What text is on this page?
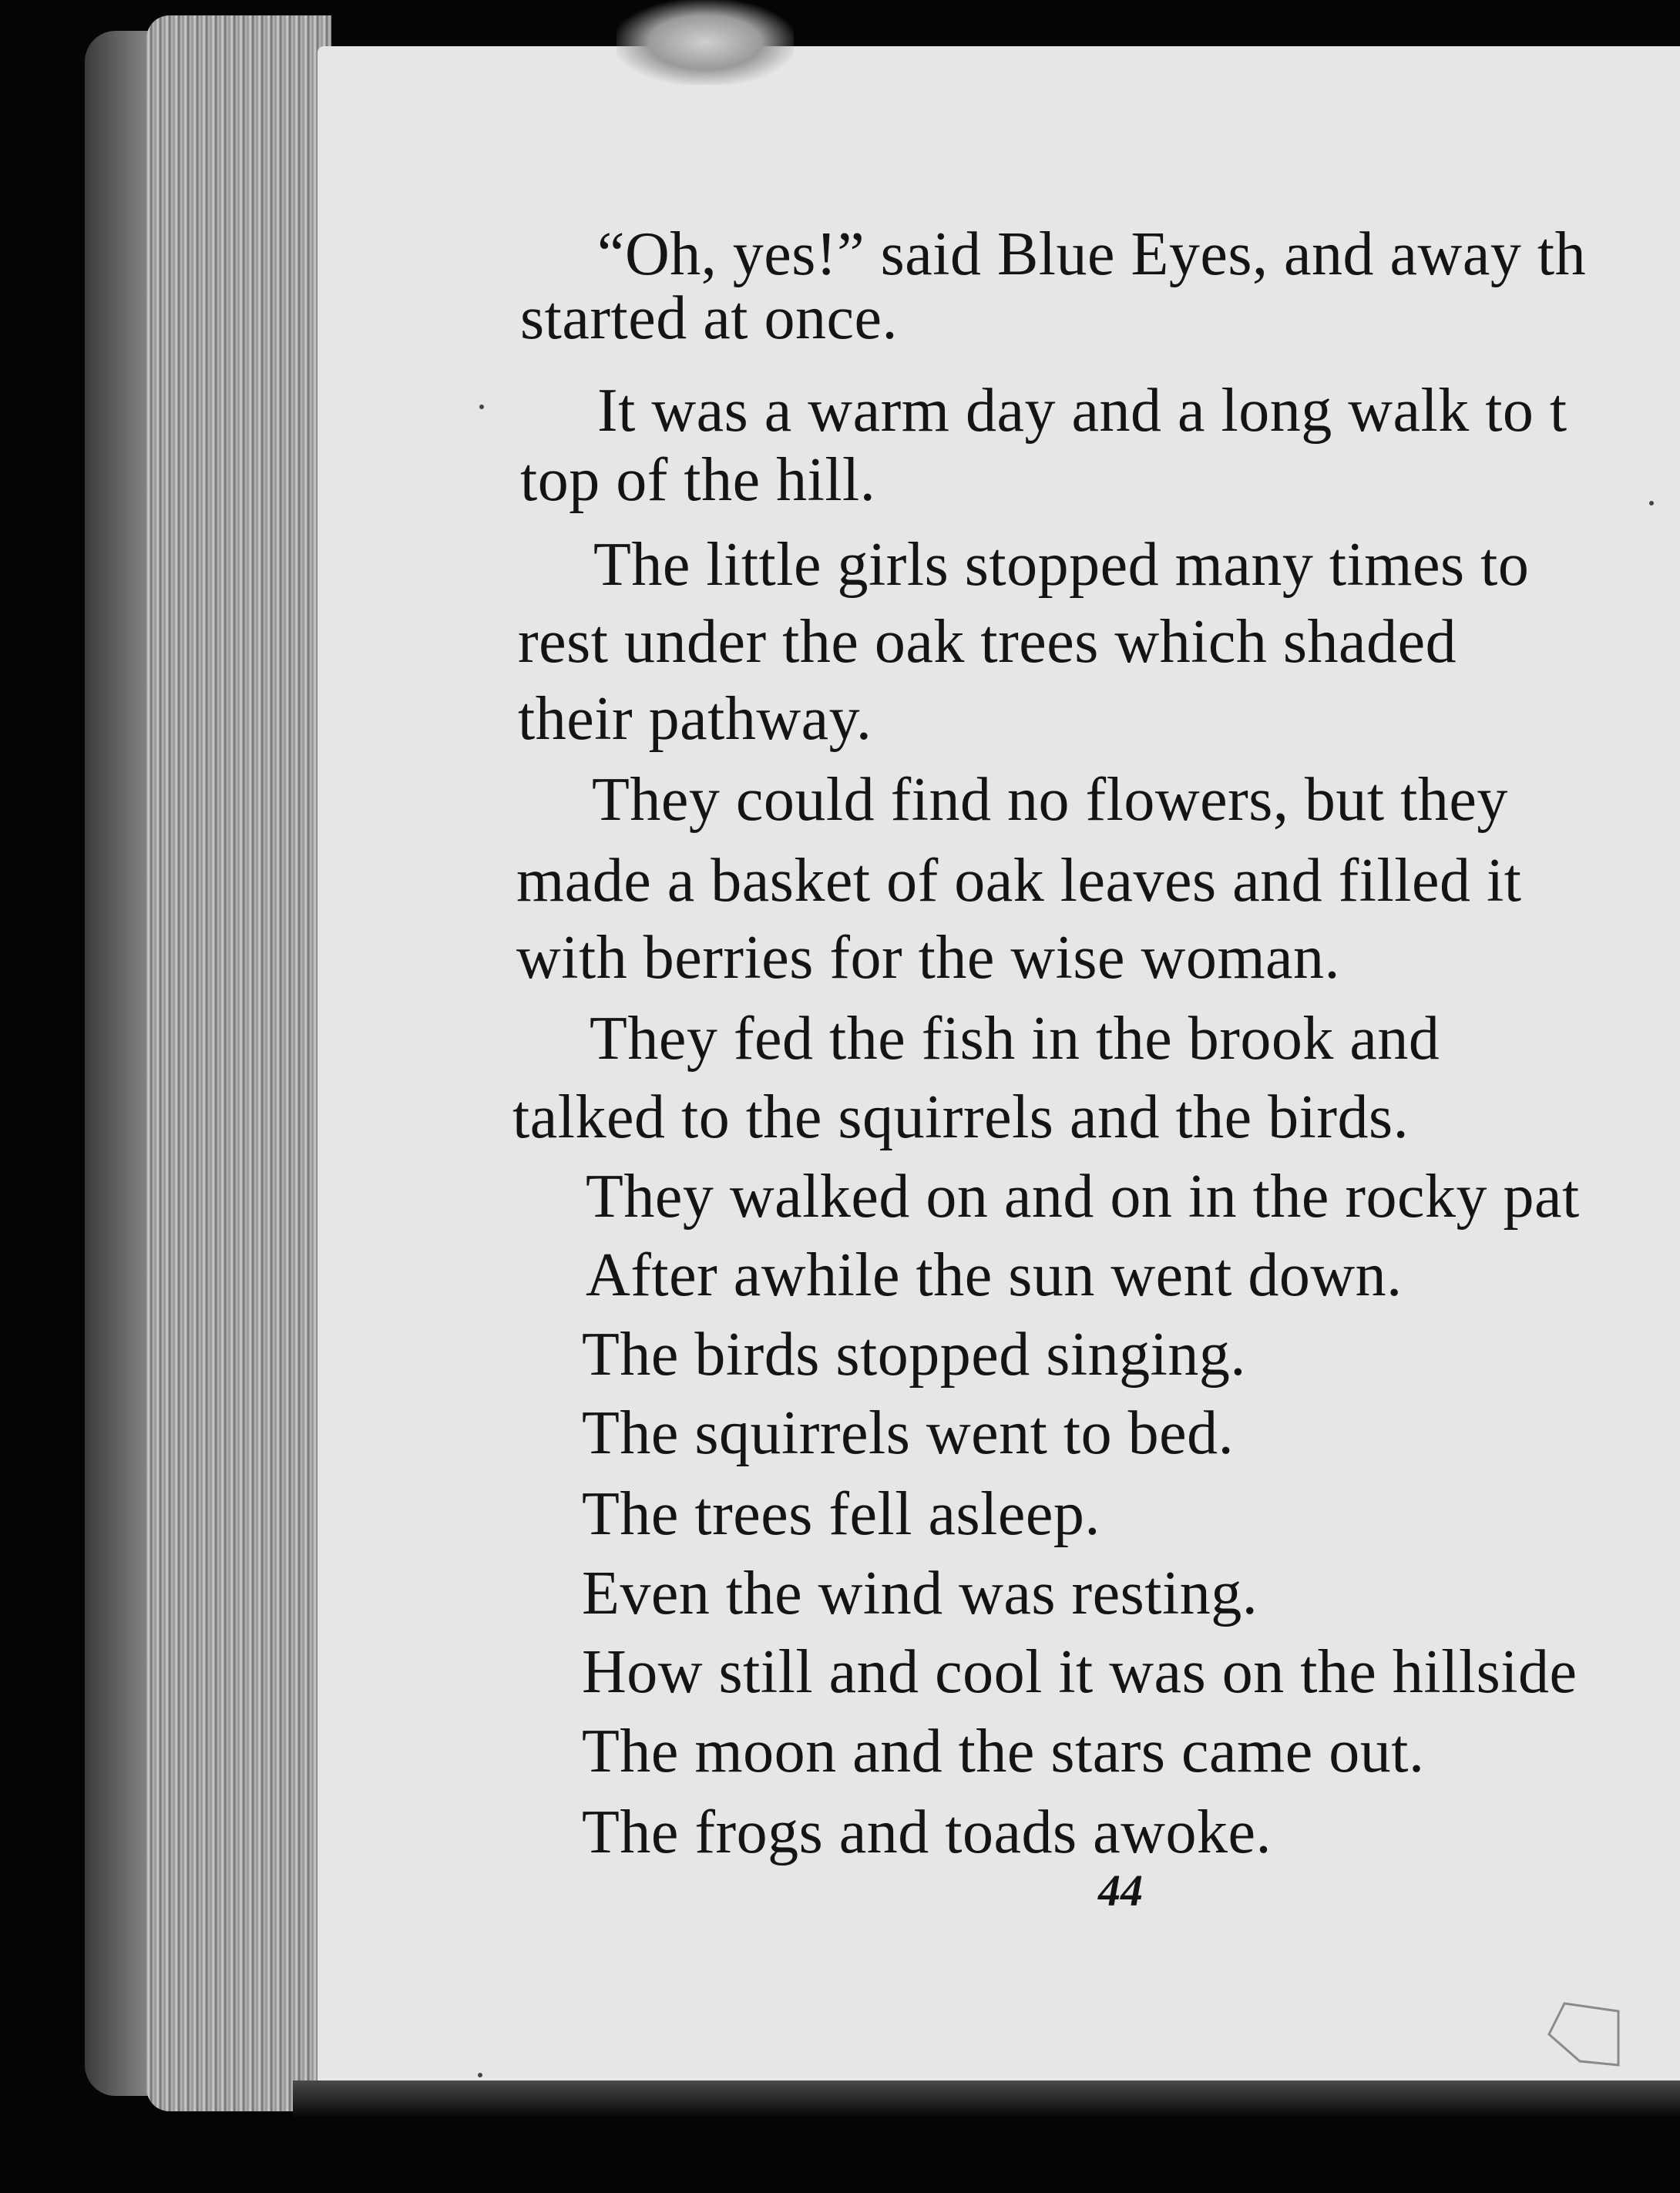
“Oh, yes!” said Blue Eyes, and away th
started at once.
It was a warm day and a long walk to t
top of the hill.
The little girls stopped many times to
rest under the oak trees which shaded
their pathway.
They could find no flowers, but they
made a basket of oak leaves and filled it
with berries for the wise woman.
They fed the fish in the brook and
talked to the squirrels and the birds.
They walked on and on in the rocky pat
After awhile the sun went down.
The birds stopped singing.
The squirrels went to bed.
The trees fell asleep.
Even the wind was resting.
How still and cool it was on the hillside
The moon and the stars came out.
The frogs and toads awoke.
44
